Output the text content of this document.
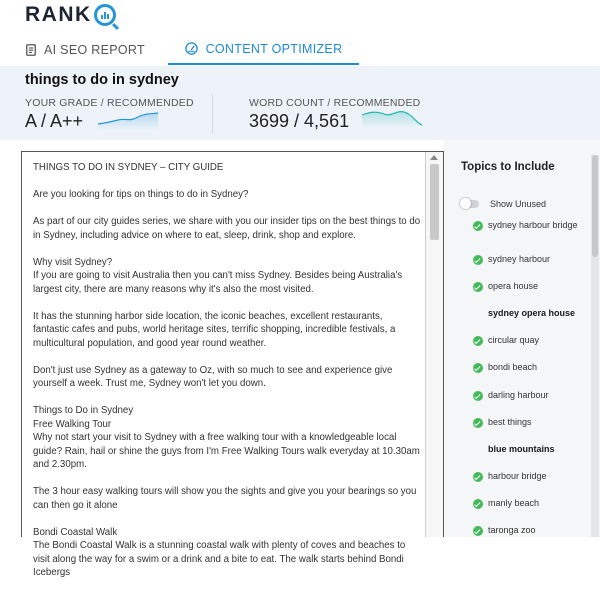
RANK
AI SEO REPORT	CONTENT OPTIMIZER
things to do in sydney
YOUR GRADE / RECOMMENDED
A / A++
WORD COUNT / RECOMMENDED
3699 / 4,561

THINGS TO DO IN SYDNEY – CITY GUIDE

Are you looking for tips on things to do in Sydney?

As part of our city guides series, we share with you our insider tips on the best things to do in Sydney, including advice on where to eat, sleep, drink, shop and explore.

Why visit Sydney?

If you are going to visit Australia then you can't miss Sydney. Besides being Australia's largest city, there are many reasons why it's also the most visited.

It has the stunning harbor side location, the iconic beaches, excellent restaurants, fantastic cafes and pubs, world heritage sites, terrific shopping, incredible festivals, a multicultural population, and good year round weather.

Don't just use Sydney as a gateway to Oz, with so much to see and experience give yourself a week. Trust me, Sydney won't let you down.

Things to Do in Sydney

Free Walking Tour

Why not start your visit to Sydney with a free walking tour with a knowledgeable local guide? Rain, hail or shine the guys from I'm Free Walking Tours walk everyday at 10.30am and 2.30pm.

The 3 hour easy walking tours will show you the sights and give you your bearings so you can then go it alone

Bondi Coastal Walk

The Bondi Coastal Walk is a stunning coastal walk with plenty of coves and beaches to visit along the way for a swim or a drink and a bite to eat. The walk starts behind Bondi Icebergs

Topics to Include
Show Unused
sydney harbour bridge
sydney harbour
opera house
sydney opera house
circular quay
bondi beach
darling harbour
best things
blue mountains
harbour bridge
manly beach
taronga zoo
